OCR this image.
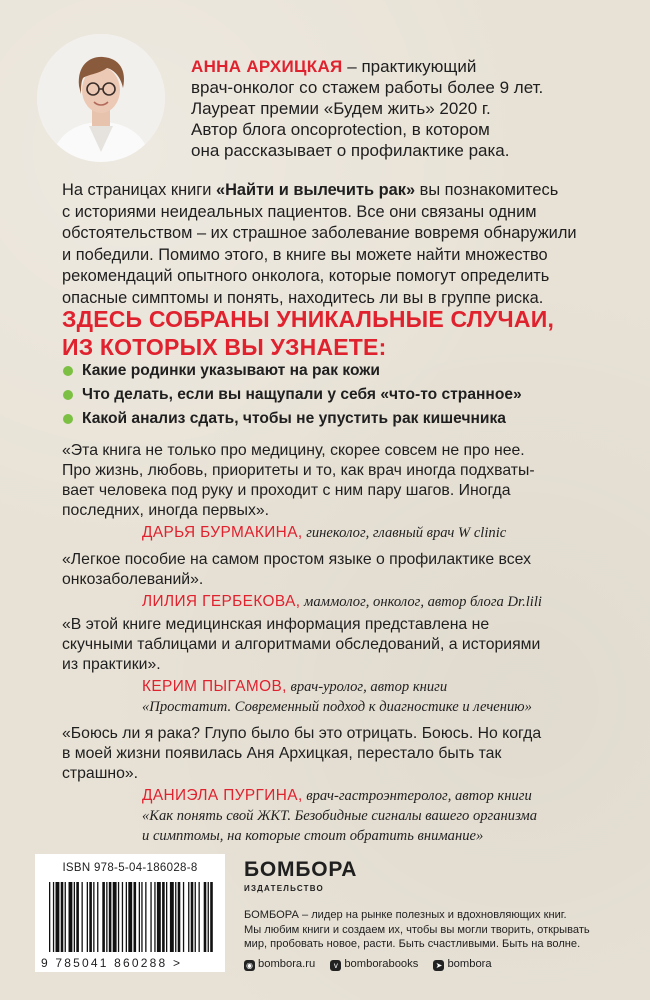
АННА АРХИЦКАЯ – практикующий
врач-онколог со стажем работы более 9 лет.
Лауреат премии «Будем жить» 2020 г.
Автор блога oncoprotection, в котором
она рассказывает о профилактике рака.
На страницах книги «Найти и вылечить рак» вы познакомитесь
с историями неидеальных пациентов. Все они связаны одним
обстоятельством – их страшное заболевание вовремя обнаружили
и победили. Помимо этого, в книге вы можете найти множество
рекомендаций опытного онколога, которые помогут определить
опасные симптомы и понять, находитесь ли вы в группе риска.
ЗДЕСЬ СОБРАНЫ УНИКАЛЬНЫЕ СЛУЧАИ,
ИЗ КОТОРЫХ ВЫ УЗНАЕТЕ:
Какие родинки указывают на рак кожи
Что делать, если вы нащупали у себя «что-то странное»
Какой анализ сдать, чтобы не упустить рак кишечника
«Эта книга не только про медицину, скорее совсем не про нее.
Про жизнь, любовь, приоритеты и то, как врач иногда подхваты-
вает человека под руку и проходит с ним пару шагов. Иногда
последних, иногда первых».
ДАРЬЯ БУРМАКИНА, гинеколог, главный врач W clinic
«Легкое пособие на самом простом языке о профилактике всех
онкозаболеваний».
ЛИЛИЯ ГЕРБЕКОВА, маммолог, онколог, автор блога Dr.lili
«В этой книге медицинская информация представлена не
скучными таблицами и алгоритмами обследований, а историями
из практики».
КЕРИМ ПЫГАМОВ, врач-уролог, автор книги
«Простатит. Современный подход к диагностике и лечению»
«Боюсь ли я рака? Глупо было бы это отрицать. Боюсь. Но когда
в моей жизни появилась Аня Архицкая, перестало быть так
страшно».
ДАНИЭЛА ПУРГИНА, врач-гастроэнтеролог, автор книги
«Как понять свой ЖКТ. Безобидные сигналы вашего организма
и симптомы, на которые стоит обратить внимание»
ISBN 978-5-04-186028-8
9 785041 860288 >
БОМБОРА
ИЗДАТЕЛЬСТВО
БОМБОРА – лидер на рынке полезных и вдохновляющих книг.
Мы любим книги и создаем их, чтобы вы могли творить, открывать
мир, пробовать новое, расти. Быть счастливыми. Быть на волне.
◉ bombora.ru v bomborabooks ➤ bombora
